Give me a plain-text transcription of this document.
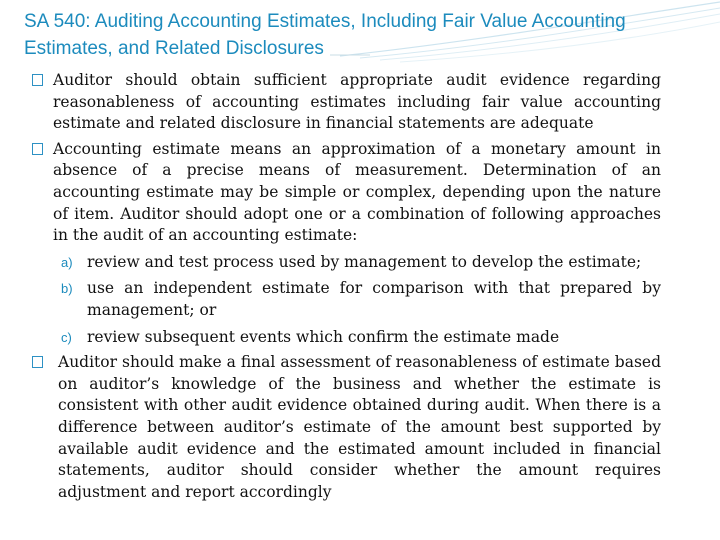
SA 540: Auditing Accounting Estimates, Including Fair Value Accounting Estimates, and Related Disclosures
Auditor should obtain sufficient appropriate audit evidence regarding reasonableness of accounting estimates including fair value accounting estimate and related disclosure in financial statements are adequate
Accounting estimate means an approximation of a monetary amount in absence of a precise means of measurement. Determination of an accounting estimate may be simple or complex, depending upon the nature of item. Auditor should adopt one or a combination of following approaches in the audit of an accounting estimate:
a) review and test process used by management to develop the estimate;
b) use an independent estimate for comparison with that prepared by management; or
c) review subsequent events which confirm the estimate made
Auditor should make a final assessment of reasonableness of estimate based on auditor’s knowledge of the business and whether the estimate is consistent with other audit evidence obtained during audit. When there is a difference between auditor’s estimate of the amount best supported by available audit evidence and the estimated amount included in financial statements, auditor should consider whether the amount requires adjustment and report accordingly
